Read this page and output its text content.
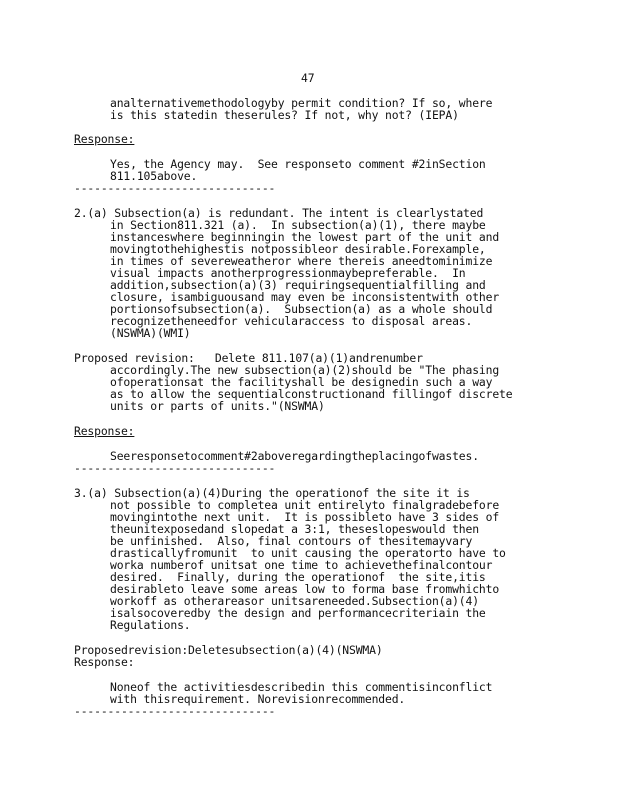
47
analternativemethodologyby permit condition? If so, where
is this statedin theserules? If not, why not? (IEPA)
Response:
Yes, the Agency may.  See responseto comment #2inSection
811.105above.
------------------------------
2.(a) Subsection(a) is redundant. The intent is clearlystated
in Section811.321 (a).  In subsection(a)(1), there maybe
instanceswhere beginningin the lowest part of the unit and
movingtothehighestis notpossibleor desirable.Forexample,
in times of severeweatheror where thereis aneedtominimize
visual impacts anotherprogressionmaybepreferable.  In
addition,subsection(a)(3) requiringsequentialfilling and
closure, isambiguousand may even be inconsistentwith other
portionsofsubsection(a).  Subsection(a) as a whole should
recognizetheneedfor vehicularaccess to disposal areas.
(NSWMA)(WMI)
Proposed revision:   Delete 811.107(a)(1)andrenumber
accordingly.The new subsection(a)(2)should be "The phasing
ofoperationsat the facilityshall be designedin such a way
as to allow the sequentialconstructionand fillingof discrete
units or parts of units."(NSWMA)
Response:
Seeresponsetocomment#2aboveregardingtheplacingofwastes.
------------------------------
3.(a) Subsection(a)(4)During the operationof the site it is
not possible to completea unit entirelyto finalgradebefore
movingintothe next unit.  It is possibleto have 3 sides of
theunitexposedand slopedat a 3:1, theseslopeswould then
be unfinished.  Also, final contours of thesitemayvary
drasticallyfromunit  to unit causing the operatorto have to
worka numberof unitsat one time to achievethefinalcontour
desired.  Finally, during the operationof  the site,itis
desirableto leave some areas low to forma base fromwhichto
workoff as otherareasor unitsareneeded.Subsection(a)(4)
isalsocoveredby the design and performancecriteriain the
Regulations.
Proposedrevision:Deletesubsection(a)(4)(NSWMA)
Response:
Noneof the activitiesdescribedin this commentisinconflict
with thisrequirement. Norevisionrecommended.
------------------------------
